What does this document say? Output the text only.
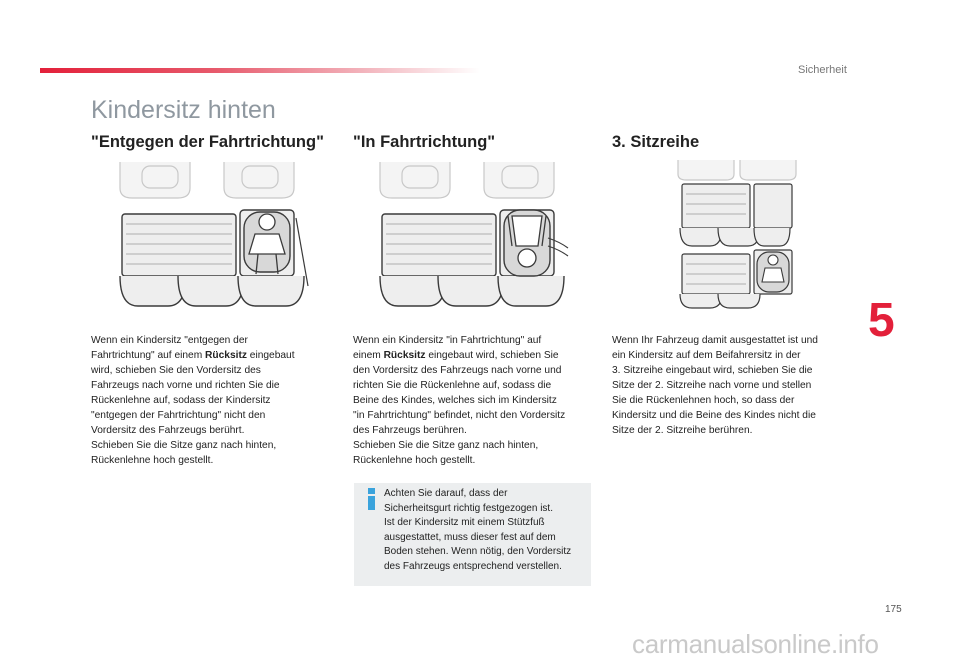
Sicherheit
Kindersitz hinten
"Entgegen der Fahrtrichtung"

Wenn ein Kindersitz "entgegen der
Fahrtrichtung" auf einem Rücksitz eingebaut
wird, schieben Sie den Vordersitz des
Fahrzeugs nach vorne und richten Sie die
Rückenlehne auf, sodass der Kindersitz
"entgegen der Fahrtrichtung" nicht den
Vordersitz des Fahrzeugs berührt.
Schieben Sie die Sitze ganz nach hinten,
Rückenlehne hoch gestellt.

"In Fahrtrichtung"

Wenn ein Kindersitz "in Fahrtrichtung" auf
einem Rücksitz eingebaut wird, schieben Sie
den Vordersitz des Fahrzeugs nach vorne und
richten Sie die Rückenlehne auf, sodass die
Beine des Kindes, welches sich im Kindersitz
"in Fahrtrichtung" befindet, nicht den Vordersitz
des Fahrzeugs berühren.
Schieben Sie die Sitze ganz nach hinten,
Rückenlehne hoch gestellt.

3. Sitzreihe

Wenn Ihr Fahrzeug damit ausgestattet ist und
ein Kindersitz auf dem Beifahrersitz in der
3. Sitzreihe eingebaut wird, schieben Sie die
Sitze der 2. Sitzreihe nach vorne und stellen
Sie die Rückenlehnen hoch, so dass der
Kindersitz und die Beine des Kindes nicht die
Sitze der 2. Sitzreihe berühren.

Achten Sie darauf, dass der
Sicherheitsgurt richtig festgezogen ist.
Ist der Kindersitz mit einem Stützfuß
ausgestattet, muss dieser fest auf dem
Boden stehen. Wenn nötig, den Vordersitz
des Fahrzeugs entsprechend verstellen.

5
175
carmanualsonline.info
